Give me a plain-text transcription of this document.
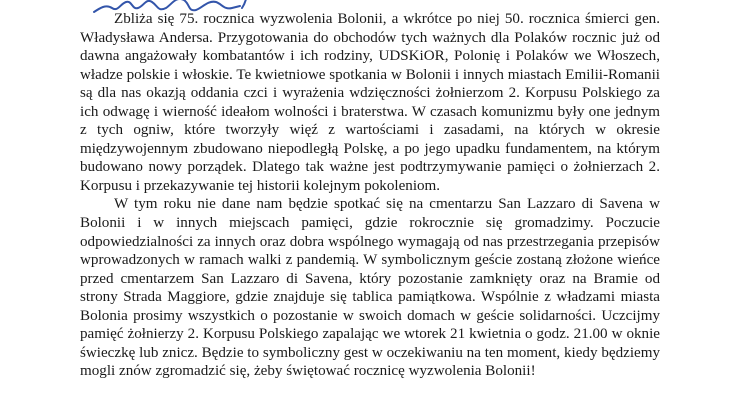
Zbliża się 75. rocznica wyzwolenia Bolonii, a wkrótce po niej 50. rocznica śmierci gen. Władysława Andersa. Przygotowania do obchodów tych ważnych dla Polaków rocznic już od dawna angażowały kombatantów i ich rodziny, UDSKiOR, Polonię i Polaków we Włoszech, władze polskie i włoskie. Te kwietniowe spotkania w Bolonii i innych miastach Emilii-Romanii są dla nas okazją oddania czci i wyrażenia wdzięczności żołnierzom 2. Korpusu Polskiego za ich odwagę i wierność ideałom wolności i braterstwa. W czasach komunizmu były one jednym z tych ogniw, które tworzyły więź z wartościami i zasadami, na których w okresie międzywojennym zbudowano niepodległą Polskę, a po jego upadku fundamentem, na którym budowano nowy porządek. Dlatego tak ważne jest podtrzymywanie pamięci o żołnierzach 2. Korpusu i przekazywanie tej historii kolejnym pokoleniom.

W tym roku nie dane nam będzie spotkać się na cmentarzu San Lazzaro di Savena w Bolonii i w innych miejscach pamięci, gdzie rokrocznie się gromadzimy. Poczucie odpowiedzialności za innych oraz dobra wspólnego wymagają od nas przestrzegania przepisów wprowadzonych w ramach walki z pandemią. W symbolicznym geście zostaną złożone wieńce przed cmentarzem San Lazzaro di Savena, który pozostanie zamknięty oraz na Bramie od strony Strada Maggiore, gdzie znajduje się tablica pamiątkowa. Wspólnie z władzami miasta Bolonia prosimy wszystkich o pozostanie w swoich domach w geście solidarności. Uczcijmy pamięć żołnierzy 2. Korpusu Polskiego zapalając we wtorek 21 kwietnia o godz. 21.00 w oknie świeczkę lub znicz. Będzie to symboliczny gest w oczekiwaniu na ten moment, kiedy będziemy mogli znów zgromadzić się, żeby świętować rocznicę wyzwolenia Bolonii!
